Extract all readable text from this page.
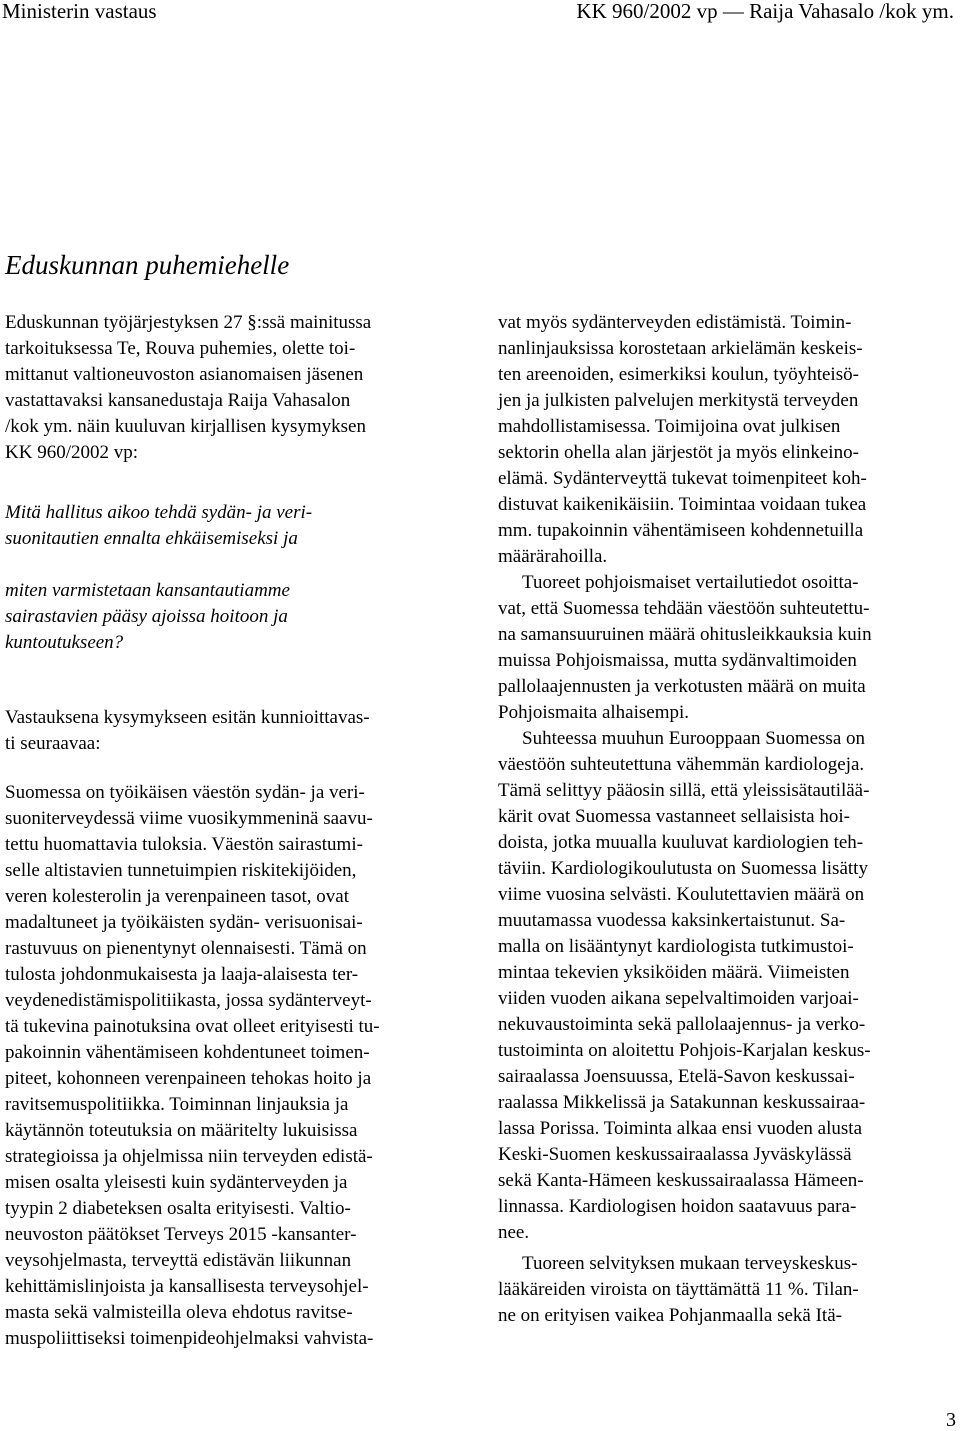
Ministerin vastaus	KK 960/2002 vp — Raija Vahasalo /kok ym.
Eduskunnan puhemiehelle

Eduskunnan työjärjestyksen 27 §:ssä mainitussa

tarkoituksessa Te, Rouva puhemies, olette toi-

mittanut valtioneuvoston asianomaisen jäsenen

vastattavaksi kansanedustaja Raija Vahasalon

/kok ym. näin kuuluvan kirjallisen kysymyksen

KK 960/2002 vp:

Mitä hallitus aikoo tehdä sydän- ja veri-

suonitautien ennalta ehkäisemiseksi ja

miten varmistetaan kansantautiamme

sairastavien pääsy ajoissa hoitoon ja

kuntoutukseen?

Vastauksena kysymykseen esitän kunnioittavas-

ti seuraavaa:

Suomessa on työikäisen väestön sydän- ja veri-

suoniterveydessä viime vuosikymmeninä saavu-

tettu huomattavia tuloksia. Väestön sairastumi-

selle altistavien tunnetuimpien riskitekijöiden,

veren kolesterolin ja verenpaineen tasot, ovat

madaltuneet ja työikäisten sydän- verisuonisai-

rastuvuus on pienentynyt olennaisesti. Tämä on

tulosta johdonmukaisesta ja laaja-alaisesta ter-

veydenedistämispolitiikasta, jossa sydänterveyt-

tä tukevina painotuksina ovat olleet erityisesti tu-

pakoinnin vähentämiseen kohdentuneet toimen-

piteet, kohonneen verenpaineen tehokas hoito ja

ravitsemuspolitiikka. Toiminnan linjauksia ja

käytännön toteutuksia on määritelty lukuisissa

strategioissa ja ohjelmissa niin terveyden edistä-

misen osalta yleisesti kuin sydänterveyden ja

tyypin 2 diabeteksen osalta erityisesti. Valtio-

neuvoston päätökset Terveys 2015 -kansanter-

veysohjelmasta, terveyttä edistävän liikunnan

kehittämislinjoista ja kansallisesta terveysohjel-

masta sekä valmisteilla oleva ehdotus ravitse-

muspoliittiseksi toimenpideohjelmaksi vahvista-

vat myös sydänterveyden edistämistä. Toimin-

nanlinjauksissa korostetaan arkielämän keskeis-

ten areenoiden, esimerkiksi koulun, työyhteisö-

jen ja julkisten palvelujen merkitystä terveyden

mahdollistamisessa. Toimijoina ovat julkisen

sektorin ohella alan järjestöt ja myös elinkeino-

elämä. Sydänterveyttä tukevat toimenpiteet koh-

distuvat kaikenikäisiin. Toimintaa voidaan tukea

mm. tupakoinnin vähentämiseen kohdennetuilla

määrärahoilla.

Tuoreet pohjoismaiset vertailutiedot osoitta-

vat, että Suomessa tehdään väestöön suhteutettu-

na samansuuruinen määrä ohitusleikkauksia kuin

muissa Pohjoismaissa, mutta sydänvaltimoiden

pallolaajennusten ja verkotusten määrä on muita

Pohjoismaita alhaisempi.

Suhteessa muuhun Eurooppaan Suomessa on

väestöön suhteutettuna vähemmän kardiologeja.

Tämä selittyy pääosin sillä, että yleissisätautilää-

kärit ovat Suomessa vastanneet sellaisista hoi-

doista, jotka muualla kuuluvat kardiologien teh-

täviin. Kardiologikoulutusta on Suomessa lisätty

viime vuosina selvästi. Koulutettavien määrä on

muutamassa vuodessa kaksinkertaistunut. Sa-

malla on lisääntynyt kardiologista tutkimustoi-

mintaa tekevien yksiköiden määrä. Viimeisten

viiden vuoden aikana sepelvaltimoiden varjoai-

nekuvaustoiminta sekä pallolaajennus- ja verko-

tustoiminta on aloitettu Pohjois-Karjalan keskus-

sairaalassa Joensuussa, Etelä-Savon keskussai-

raalassa Mikkelissä ja Satakunnan keskussairaa-

lassa Porissa. Toiminta alkaa ensi vuoden alusta

Keski-Suomen keskussairaalassa Jyväskylässä

sekä Kanta-Hämeen keskussairaalassa Hämeen-

linnassa. Kardiologisen hoidon saatavuus para-

nee.

Tuoreen selvityksen mukaan terveyskeskus-

lääkäreiden viroista on täyttämättä 11 %. Tilan-

ne on erityisen vaikea Pohjanmaalla sekä Itä-

3
